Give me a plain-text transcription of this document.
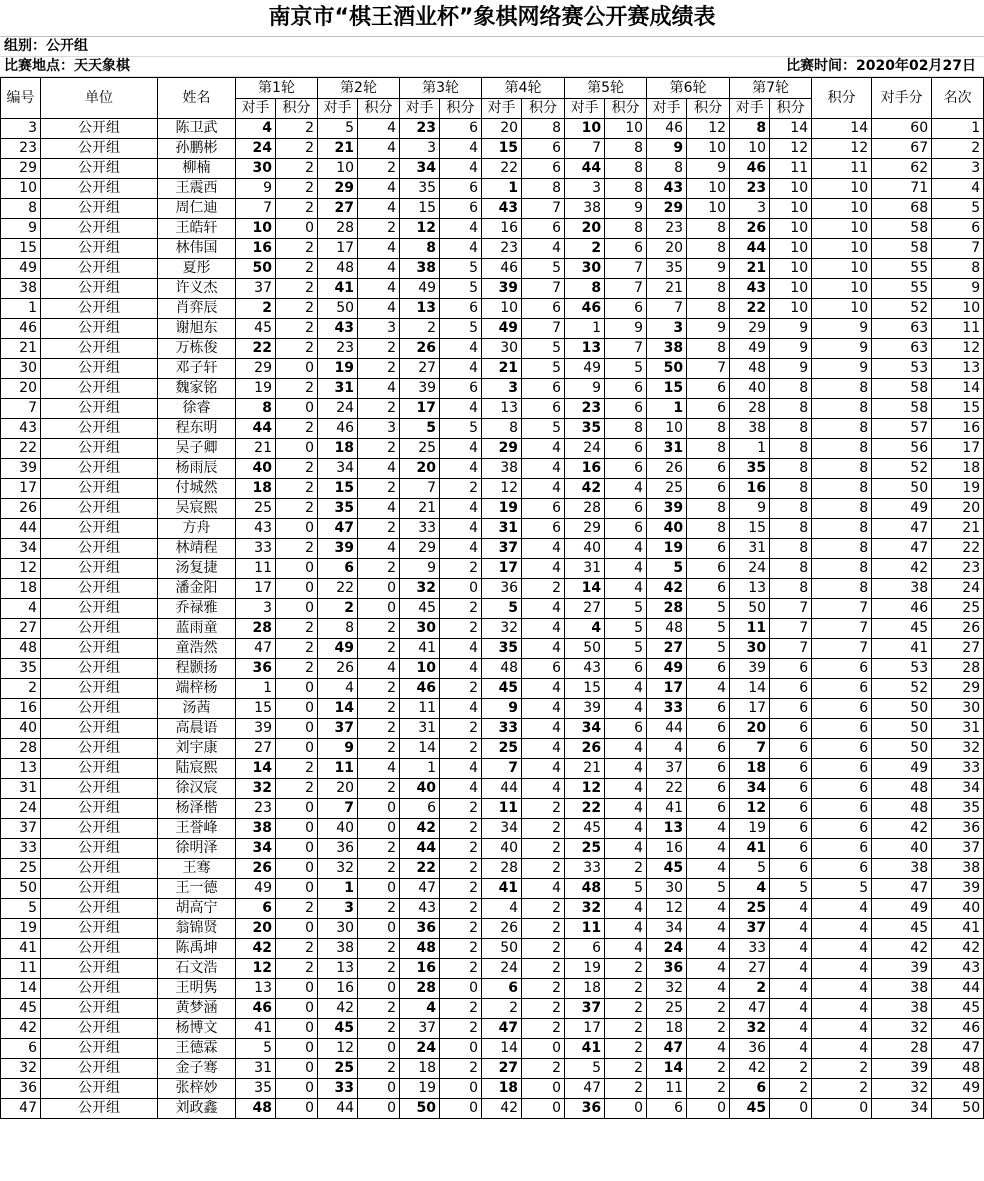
南京市“棋王酒业杯”象棋网络赛公开赛成绩表
组别：公开组
比赛地点：天天象棋	比赛时间：2020年02月27日
编号	单位	姓名	第1轮		第2轮		第3轮		第4轮		第5轮		第6轮		第7轮		积分	对手分	名次
			对手	积分	对手	积分	对手	积分	对手	积分	对手	积分	对手	积分	对手	积分			
3	公开组	陈卫武	4	2	5	4	23	6	20	8	10	10	46	12	8	14	14	60	1
23	公开组	孙鹏彬	24	2	21	4	3	4	15	6	7	8	9	10	10	12	12	67	2
29	公开组	柳楠	30	2	10	2	34	4	22	6	44	8	8	9	46	11	11	62	3
10	公开组	王震西	9	2	29	4	35	6	1	8	3	8	43	10	23	10	10	71	4
8	公开组	周仁迪	7	2	27	4	15	6	43	7	38	9	29	10	3	10	10	68	5
9	公开组	王皓轩	10	0	28	2	12	4	16	6	20	8	23	8	26	10	10	58	6
15	公开组	林伟国	16	2	17	4	8	4	23	4	2	6	20	8	44	10	10	58	7
49	公开组	夏彤	50	2	48	4	38	5	46	5	30	7	35	9	21	10	10	55	8
38	公开组	许义杰	37	2	41	4	49	5	39	7	8	7	21	8	43	10	10	55	9
1	公开组	肖弈辰	2	2	50	4	13	6	10	6	46	6	7	8	22	10	10	52	10
46	公开组	谢旭东	45	2	43	3	2	5	49	7	1	9	3	9	29	9	9	63	11
21	公开组	万栋俊	22	2	23	2	26	4	30	5	13	7	38	8	49	9	9	63	12
30	公开组	邓子轩	29	0	19	2	27	4	21	5	49	5	50	7	48	9	9	53	13
20	公开组	魏家铭	19	2	31	4	39	6	3	6	9	6	15	6	40	8	8	58	14
7	公开组	徐睿	8	0	24	2	17	4	13	6	23	6	1	6	28	8	8	58	15
43	公开组	程东明	44	2	46	3	5	5	8	5	35	8	10	8	38	8	8	57	16
22	公开组	吴子卿	21	0	18	2	25	4	29	4	24	6	31	8	1	8	8	56	17
39	公开组	杨雨辰	40	2	34	4	20	4	38	4	16	6	26	6	35	8	8	52	18
17	公开组	付城然	18	2	15	2	7	2	12	4	42	4	25	6	16	8	8	50	19
26	公开组	吴宸熙	25	2	35	4	21	4	19	6	28	6	39	8	9	8	8	49	20
44	公开组	方舟	43	0	47	2	33	4	31	6	29	6	40	8	15	8	8	47	21
34	公开组	林靖程	33	2	39	4	29	4	37	4	40	4	19	6	31	8	8	47	22
12	公开组	汤复捷	11	0	6	2	9	2	17	4	31	4	5	6	24	8	8	42	23
18	公开组	潘金阳	17	0	22	0	32	0	36	2	14	4	42	6	13	8	8	38	24
4	公开组	乔禄雅	3	0	2	0	45	2	5	4	27	5	28	5	50	7	7	46	25
27	公开组	蓝雨童	28	2	8	2	30	2	32	4	4	5	48	5	11	7	7	45	26
48	公开组	童浩然	47	2	49	2	41	4	35	4	50	5	27	5	30	7	7	41	27
35	公开组	程颢扬	36	2	26	4	10	4	48	6	43	6	49	6	39	6	6	53	28
2	公开组	端梓杨	1	0	4	2	46	2	45	4	15	4	17	4	14	6	6	52	29
16	公开组	汤茜	15	0	14	2	11	4	9	4	39	4	33	6	17	6	6	50	30
40	公开组	高晨语	39	0	37	2	31	2	33	4	34	6	44	6	20	6	6	50	31
28	公开组	刘宇康	27	0	9	2	14	2	25	4	26	4	4	6	7	6	6	50	32
13	公开组	陆宸熙	14	2	11	4	1	4	7	4	21	4	37	6	18	6	6	49	33
31	公开组	徐汉宸	32	2	20	2	40	4	44	4	12	4	22	6	34	6	6	48	34
24	公开组	杨泽楷	23	0	7	0	6	2	11	2	22	4	41	6	12	6	6	48	35
37	公开组	王誉峰	38	0	40	0	42	2	34	2	45	4	13	4	19	6	6	42	36
33	公开组	徐明泽	34	0	36	2	44	2	40	2	25	4	16	4	41	6	6	40	37
25	公开组	王骞	26	0	32	2	22	2	28	2	33	2	45	4	5	6	6	38	38
50	公开组	王一德	49	0	1	0	47	2	41	4	48	5	30	5	4	5	5	47	39
5	公开组	胡高宁	6	2	3	2	43	2	4	2	32	4	12	4	25	4	4	49	40
19	公开组	翁锦贤	20	0	30	0	36	2	26	2	11	4	34	4	37	4	4	45	41
41	公开组	陈禹坤	42	2	38	2	48	2	50	2	6	4	24	4	33	4	4	42	42
11	公开组	石文浩	12	2	13	2	16	2	24	2	19	2	36	4	27	4	4	39	43
14	公开组	王明隽	13	0	16	0	28	0	6	2	18	2	32	4	2	4	4	38	44
45	公开组	黄梦涵	46	0	42	2	4	2	2	2	37	2	25	2	47	4	4	38	45
42	公开组	杨博文	41	0	45	2	37	2	47	2	17	2	18	2	32	4	4	32	46
6	公开组	王德霖	5	0	12	0	24	0	14	0	41	2	47	4	36	4	4	28	47
32	公开组	金子骞	31	0	25	2	18	2	27	2	5	2	14	2	42	2	2	39	48
36	公开组	张梓妙	35	0	33	0	19	0	18	0	47	2	11	2	6	2	2	32	49
47	公开组	刘政鑫	48	0	44	0	50	0	42	0	36	0	6	0	45	0	0	34	50
